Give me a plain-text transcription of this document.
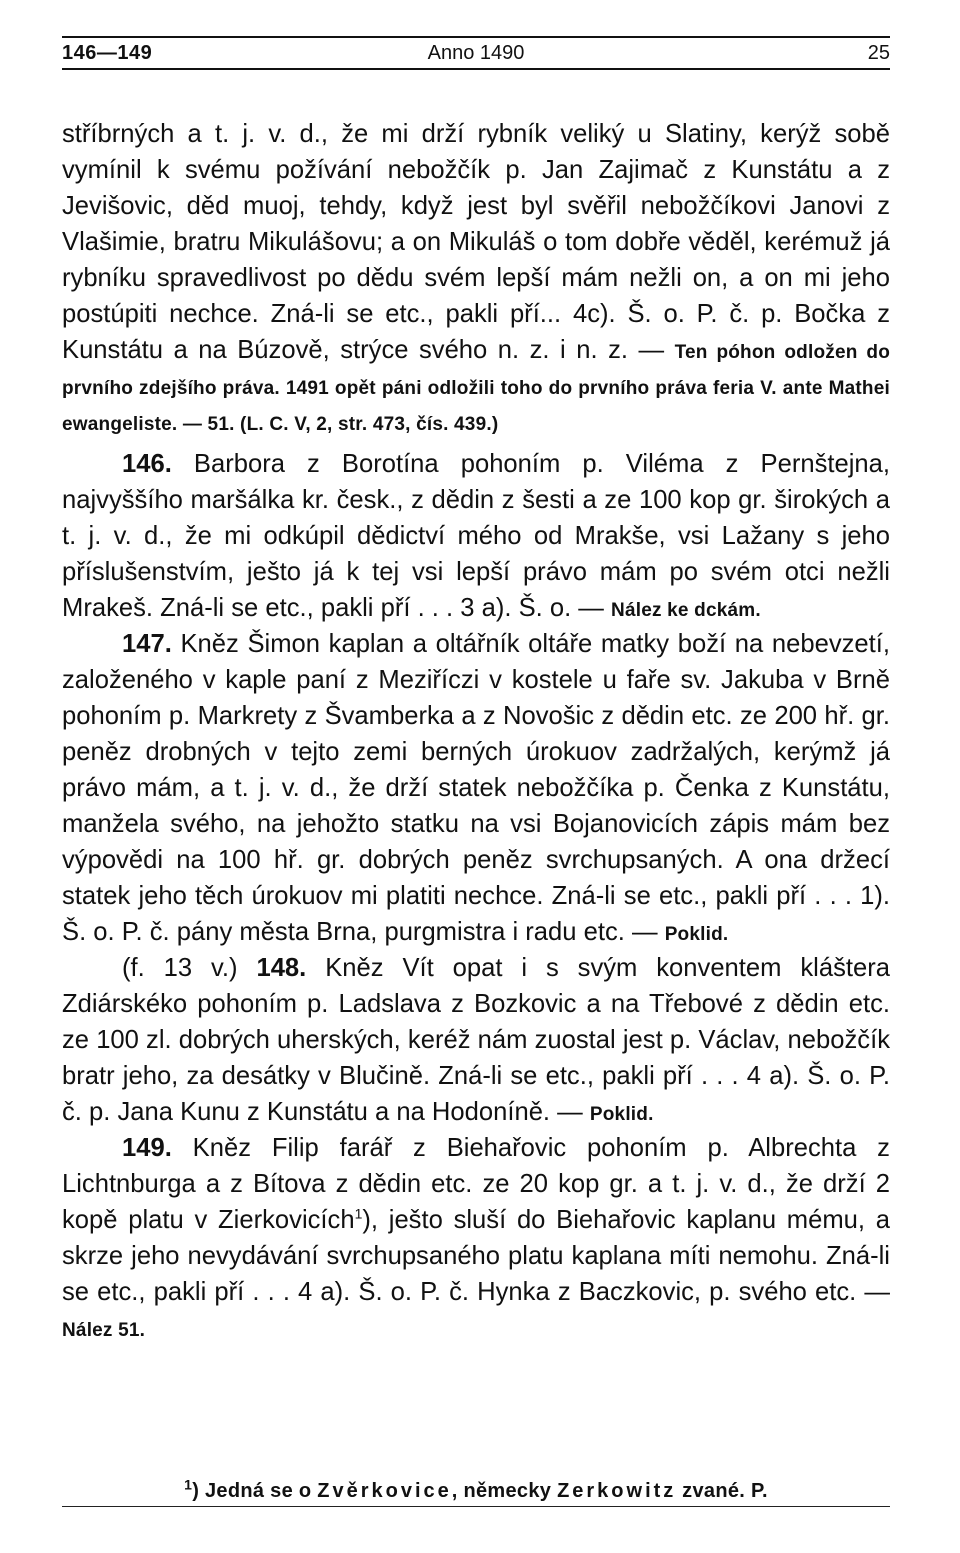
146—149	Anno 1490	25

stříbrných a t. j. v. d., že mi drží rybník veliký u Slatiny, kerýž sobě vymínil k svému požívání nebožčík p. Jan Zajimač z Kunstátu a z Jevišovic, děd muoj, tehdy, když jest byl svěřil nebožčíkovi Janovi z Vlašimie, bratru Mikulášovu; a on Mikuláš o tom dobře věděl, kerémuž já rybníku spravedlivost po dědu svém lepší mám nežli on, a on mi jeho postúpiti nechce. Zná-li se etc., pakli pří... 4c). Š. o. P. č. p. Bočka z Kunstátu a na Búzově, strýce svého n. z. i n. z. — Ten póhon odložen do prvního zdejšího práva. 1491 opět páni odložili toho do prvního práva feria V. ante Mathei ewangeliste. — 51. (L. C. V, 2, str. 473, čís. 439.)

146. Barbora z Borotína pohoním p. Viléma z Pernštejna, najvyššího maršálka kr. česk., z dědin z šesti a ze 100 kop gr. širokých a t. j. v. d., že mi odkúpil dědictví mého od Mrakše, vsi Lažany s jeho příslušenstvím, ješto já k tej vsi lepší právo mám po svém otci nežli Mrakeš. Zná-li se etc., pakli pří . . . 3 a). Š. o. — Nález ke dckám.

147. Kněz Šimon kaplan a oltářník oltáře matky boží na nebevzetí, založeného v kaple paní z Meziříczi v kostele u faře sv. Jakuba v Brně pohoním p. Markrety z Švamberka a z Novošic z dědin etc. ze 200 hř. gr. peněz drobných v tejto zemi berných úrokuov zadržalých, kerýmž já právo mám, a t. j. v. d., že drží statek nebožčíka p. Čenka z Kunstátu, manžela svého, na jehožto statku na vsi Bojanovicích zápis mám bez výpovědi na 100 hř. gr. dobrých peněz svrchupsaných. A ona držecí statek jeho těch úrokuov mi platiti nechce. Zná-li se etc., pakli pří . . . 1). Š. o. P. č. pány města Brna, purgmistra i radu etc. — Poklid.

(f. 13 v.) 148. Kněz Vít opat i s svým konventem kláštera Zdiárskéko pohoním p. Ladslava z Bozkovic a na Třebové z dědin etc. ze 100 zl. dobrých uherských, keréž nám zuostal jest p. Václav, nebožčík bratr jeho, za desátky v Blučině. Zná-li se etc., pakli pří . . . 4 a). Š. o. P. č. p. Jana Kunu z Kunstátu a na Hodoníně. — Poklid.

149. Kněz Filip farář z Biehařovic pohoním p. Albrechta z Lichtnburga a z Bítova z dědin etc. ze 20 kop gr. a t. j. v. d., že drží 2 kopě platu v Zierkovicích$^1$), ješto sluší do Biehařovic kaplanu mému, a skrze jeho nevydávání svrchupsaného platu kaplana míti nemohu. Zná-li se etc., pakli pří . . . 4 a). Š. o. P. č. Hynka z Baczkovic, p. svého etc. — Nález 51.

$^1$) Jedná se o Zvěrkovice, německy Zerkowitz zvané. P.
